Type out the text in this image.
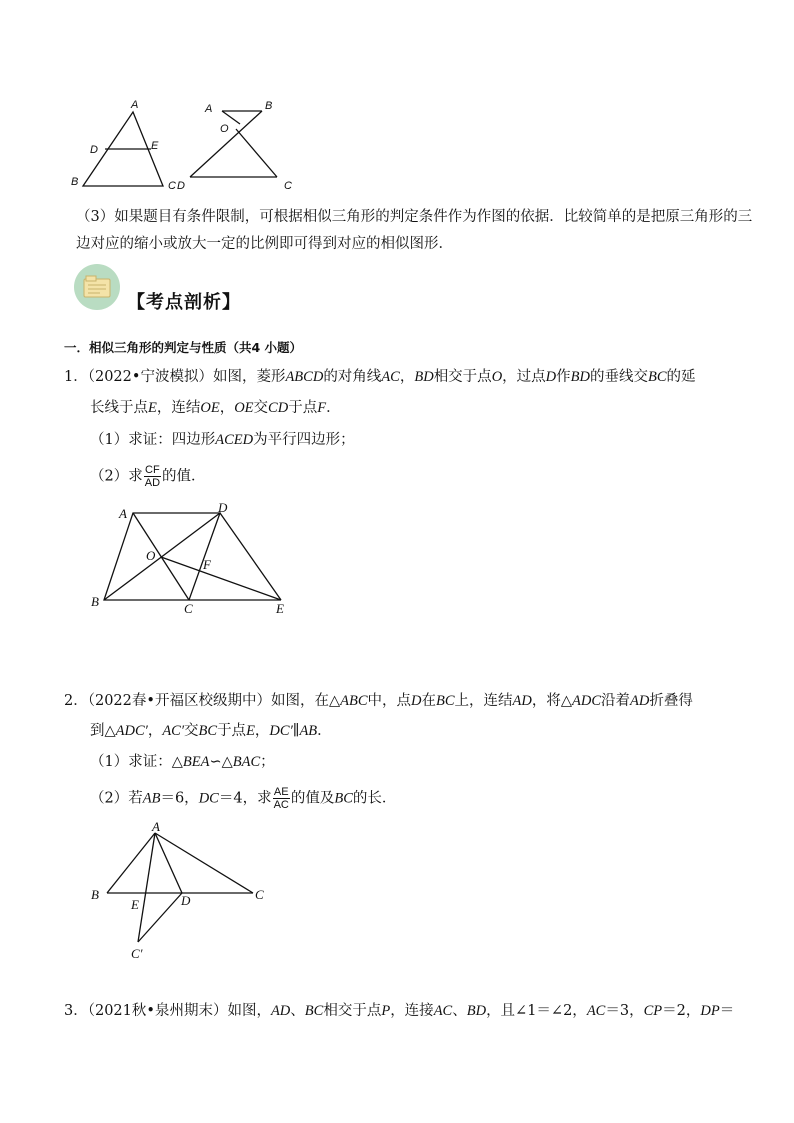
A
D	E
B	C
A	B
O
D	C
（3）如果题目有条件限制，可根据相似三角形的判定条件作为作图的依据．比较简单的是把原三角形的三
边对应的缩小或放大一定的比例即可得到对应的相似图形．
【考点剖析】
一．相似三角形的判定与性质（共4 小题）
1．（2022•宁波模拟）如图，菱形ABCD的对角线AC，BD相交于点O，过点D作BD的垂线交BC的延
长线于点E，连结OE，OE交CD于点F．
（1）求证：四边形ACED为平行四边形；
（2）求 $\frac{CF}{AD}$ 的值．
A	D
O
F
B	C	E
2．（2022春•开福区校级期中）如图，在△ABC中，点D在BC上，连结AD，将△ADC沿着AD折叠得
到△ADC′，AC′交BC于点E，DC′∥AB．
（1）求证：△BEA∽△BAC；
（2）若AB＝6，DC＝4，求 $\frac{AE}{AC}$ 的值及BC的长．
A
B	C
E	D
C′
3．（2021秋•泉州期末）如图，AD、BC相交于点P，连接AC、BD，且∠1＝∠2，AC＝3，CP＝2，DP＝
